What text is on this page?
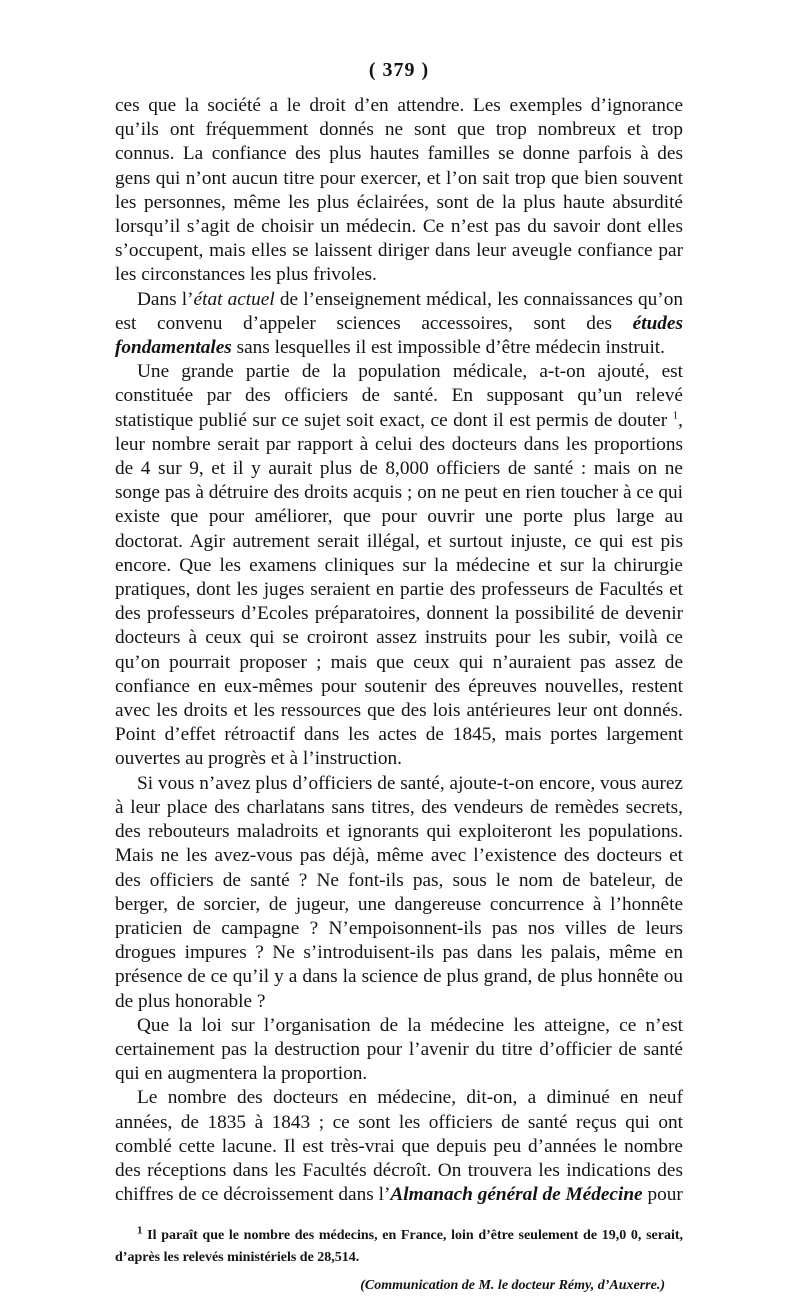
( 379 )

ces que la société a le droit d’en attendre. Les exemples d’ignorance qu’ils ont fréquemment donnés ne sont que trop nombreux et trop connus. La confiance des plus hautes familles se donne parfois à des gens qui n’ont aucun titre pour exercer, et l’on sait trop que bien souvent les personnes, même les plus éclairées, sont de la plus haute absurdité lorsqu’il s’agit de choisir un médecin. Ce n’est pas du savoir dont elles s’occupent, mais elles se laissent diriger dans leur aveugle confiance par les circonstances les plus frivoles.

Dans l’état actuel de l’enseignement médical, les connaissances qu’on est convenu d’appeler sciences accessoires, sont des études fondamentales sans lesquelles il est impossible d’être médecin instruit.

Une grande partie de la population médicale, a-t-on ajouté, est constituée par des officiers de santé. En supposant qu’un relevé statistique publié sur ce sujet soit exact, ce dont il est permis de douter $^1$, leur nombre serait par rapport à celui des docteurs dans les proportions de 4 sur 9, et il y aurait plus de 8,000 officiers de santé : mais on ne songe pas à détruire des droits acquis ; on ne peut en rien toucher à ce qui existe que pour améliorer, que pour ouvrir une porte plus large au doctorat. Agir autrement serait illégal, et surtout injuste, ce qui est pis encore. Que les examens cliniques sur la médecine et sur la chirurgie pratiques, dont les juges seraient en partie des professeurs de Facultés et des professeurs d’Ecoles préparatoires, donnent la possibilité de devenir docteurs à ceux qui se croiront assez instruits pour les subir, voilà ce qu’on pourrait proposer ; mais que ceux qui n’auraient pas assez de confiance en eux-mêmes pour soutenir des épreuves nouvelles, restent avec les droits et les ressources que des lois antérieures leur ont donnés. Point d’effet rétroactif dans les actes de 1845, mais portes largement ouvertes au progrès et à l’instruction.

Si vous n’avez plus d’officiers de santé, ajoute-t-on encore, vous aurez à leur place des charlatans sans titres, des vendeurs de remèdes secrets, des rebouteurs maladroits et ignorants qui exploiteront les populations. Mais ne les avez-vous pas déjà, même avec l’existence des docteurs et des officiers de santé ? Ne font-ils pas, sous le nom de bateleur, de berger, de sorcier, de jugeur, une dangereuse concurrence à l’honnête praticien de campagne ? N’empoisonnent-ils pas nos villes de leurs drogues impures ? Ne s’introduisent-ils pas dans les palais, même en présence de ce qu’il y a dans la science de plus grand, de plus honnête ou de plus honorable ?

Que la loi sur l’organisation de la médecine les atteigne, ce n’est certainement pas la destruction pour l’avenir du titre d’officier de santé qui en augmentera la proportion.

Le nombre des docteurs en médecine, dit-on, a diminué en neuf années, de 1835 à 1843 ; ce sont les officiers de santé reçus qui ont comblé cette lacune. Il est très-vrai que depuis peu d’années le nombre des réceptions dans les Facultés décroît. On trouvera les indications des chiffres de ce décroissement dans l’Almanach général de Médecine pour

$^1$ Il paraît que le nombre des médecins, en France, loin d’être seulement de 19,0 0, serait, d’après les relevés ministériels de 28,514.

(Communication de M. le docteur Rémy, d’Auxerre.)
